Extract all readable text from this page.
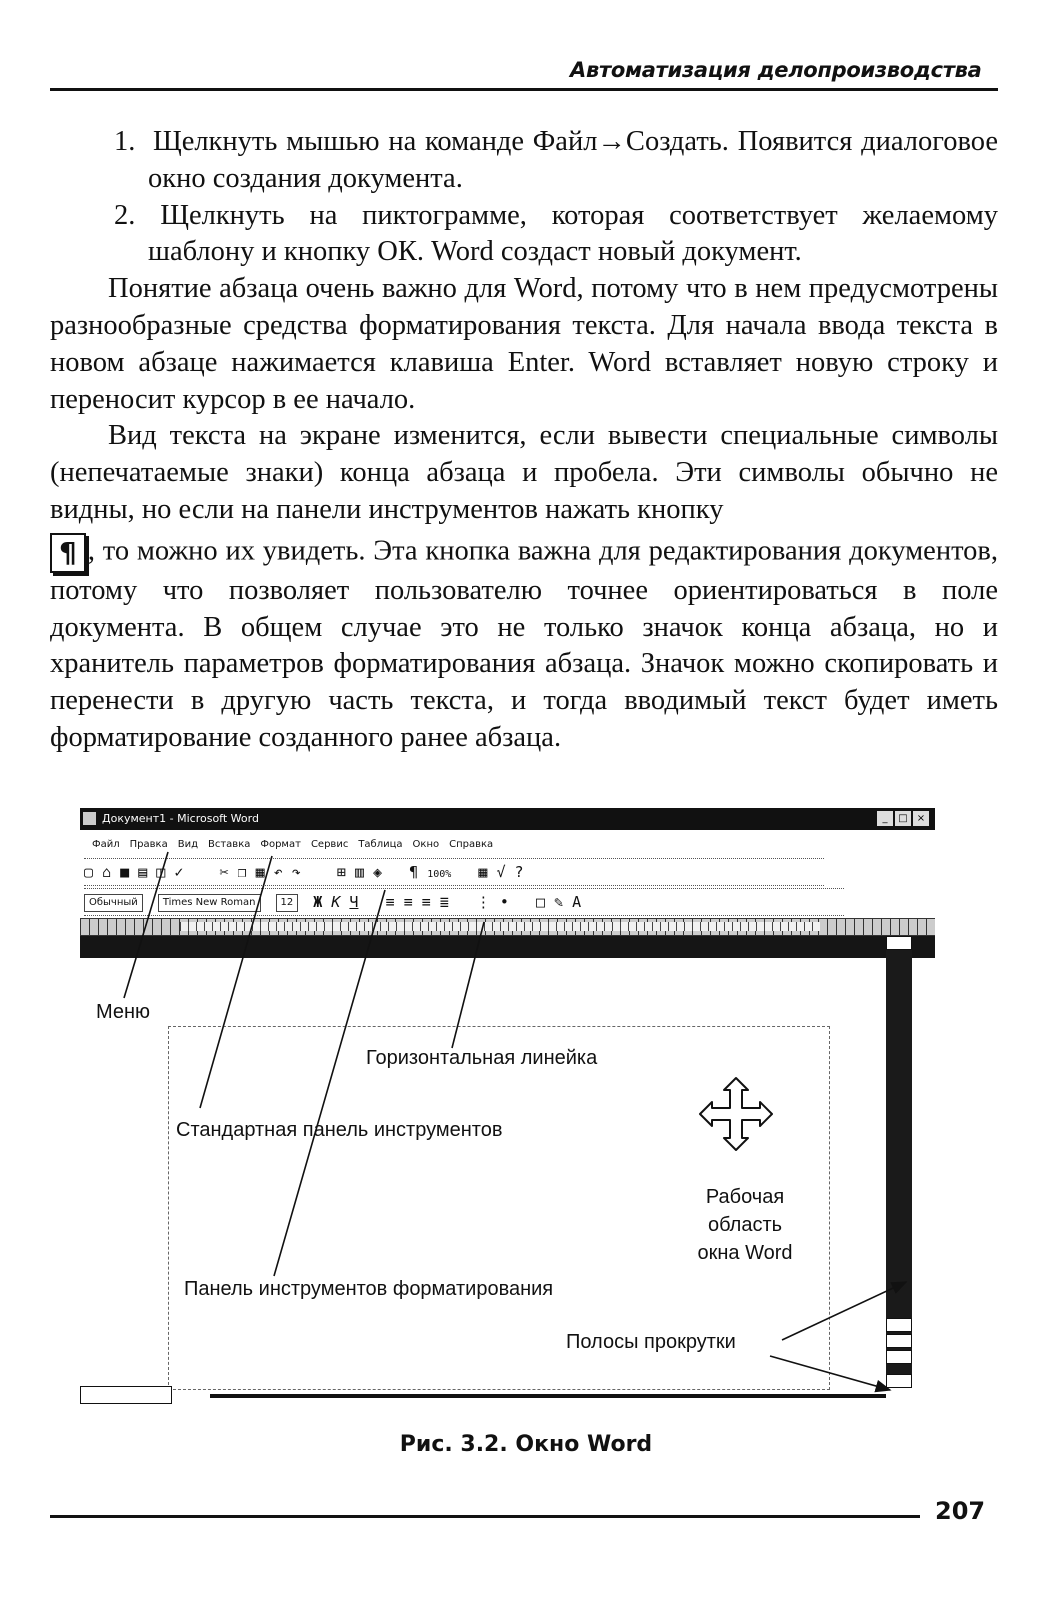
Автоматизация делопроизводства

1. Щелкнуть мышью на команде Файл→Создать. Появится диалоговое окно создания документа.

2. Щелкнуть на пиктограмме, которая соответствует желаемому шаблону и кнопку ОК. Word создаст новый документ.

Понятие абзаца очень важно для Word, потому что в нем предусмотрены разнообразные средства форматирования текста. Для начала ввода текста в новом абзаце нажимается клавиша Enter. Word вставляет новую строку и переносит курсор в ее начало.

Вид текста на экране изменится, если вывести специальные символы (непечатаемые знаки) конца абзаца и пробела. Эти символы обычно не видны, но если на панели инструментов нажать кнопку

¶ , то можно их увидеть. Эта кнопка важна для редактирования документов, потому что позволяет пользователю точнее ориентироваться в поле документа. В общем случае это не только значок конца абзаца, но и хранитель параметров форматирования абзаца. Значок можно скопировать и перенести в другую часть текста, и тогда вводимый текст будет иметь форматирование созданного ранее абзаца.

Документ1 - Microsoft Word	_	□ ×
Файл Правка Вид Вставка Формат Сервис Таблица Окно Справка
▢ ⌂ ■ ▤ ◫ ✓ ✂ ❐ ▦ ↶ ↷ ⊞ ▥ ◈ ¶ 100% ▦ √ ?
Обычный	Times New Roman	12 Ж К Ч ≡ ≡ ≡ ≣ ⋮ • □ ✎ A
Меню
Горизонтальная линейка
Стандартная панель инструментов
Панель инструментов форматирования
Полосы прокрутки
Рабочая
область
окна Word
Рис. 3.2. Окно Word
207
